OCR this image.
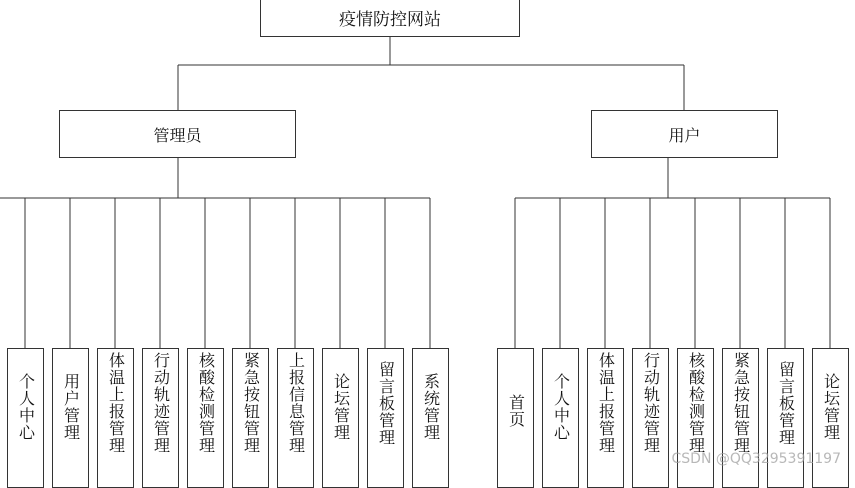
疫情防控网站
管理员	用户
个人中心 用户管理 体温上报管理 行动轨迹管理 核酸检测管理 紧急按钮管理 上报信息管理 论坛管理 留言板管理 系统管理	首页 个人中心 体温上报管理 行动轨迹管理 核酸检测管理 紧急按钮管理 留言板管理 论坛管理
CSDN @QQ3295391197
